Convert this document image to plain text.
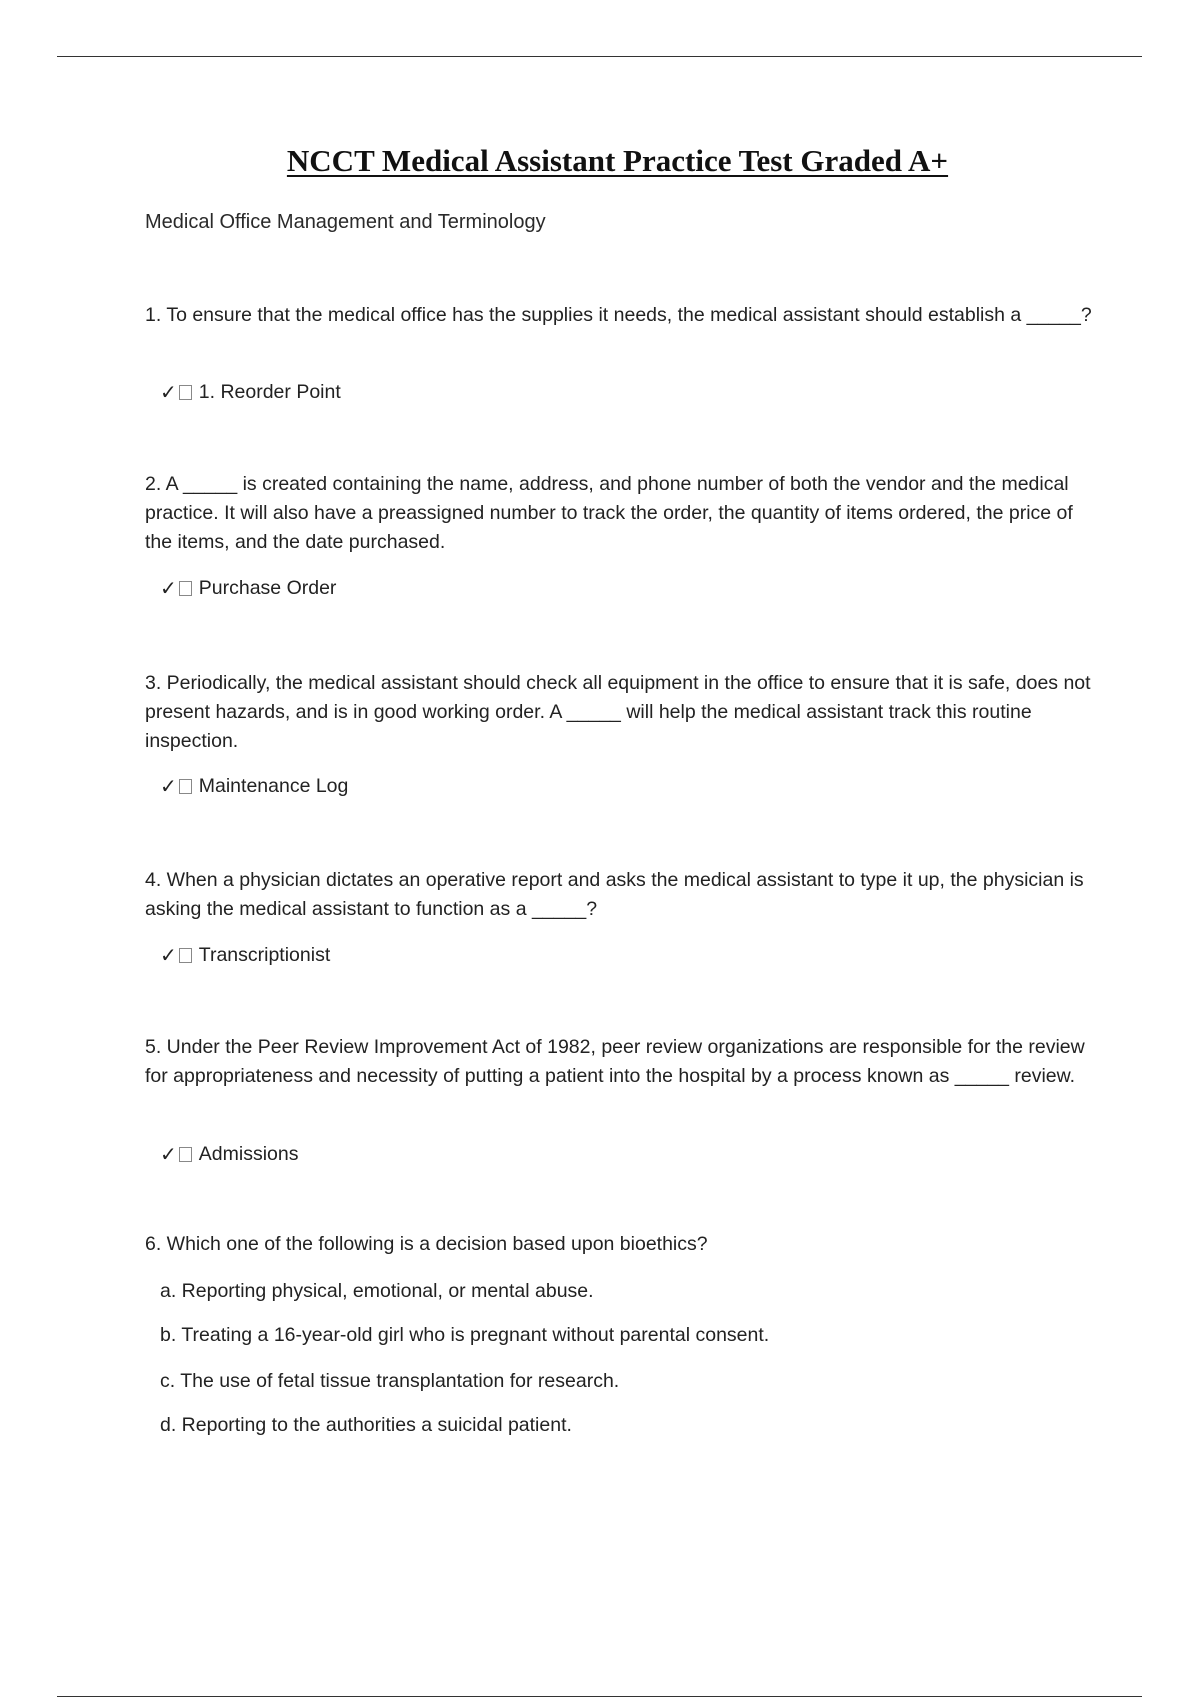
NCCT Medical Assistant Practice Test Graded A+
Medical Office Management and Terminology
1. To ensure that the medical office has the supplies it needs, the medical assistant should establish a _____?
✓ 1. Reorder Point
2. A _____ is created containing the name, address, and phone number of both the vendor and the medical practice. It will also have a preassigned number to track the order, the quantity of items ordered, the price of the items, and the date purchased.
✓ Purchase Order
3. Periodically, the medical assistant should check all equipment in the office to ensure that it is safe, does not present hazards, and is in good working order. A _____ will help the medical assistant track this routine inspection.
✓ Maintenance Log
4. When a physician dictates an operative report and asks the medical assistant to type it up, the physician is asking the medical assistant to function as a _____?
✓ Transcriptionist
5. Under the Peer Review Improvement Act of 1982, peer review organizations are responsible for the review for appropriateness and necessity of putting a patient into the hospital by a process known as _____ review.
✓ Admissions
6. Which one of the following is a decision based upon bioethics?
a. Reporting physical, emotional, or mental abuse.
b. Treating a 16-year-old girl who is pregnant without parental consent.
c. The use of fetal tissue transplantation for research.
d. Reporting to the authorities a suicidal patient.
